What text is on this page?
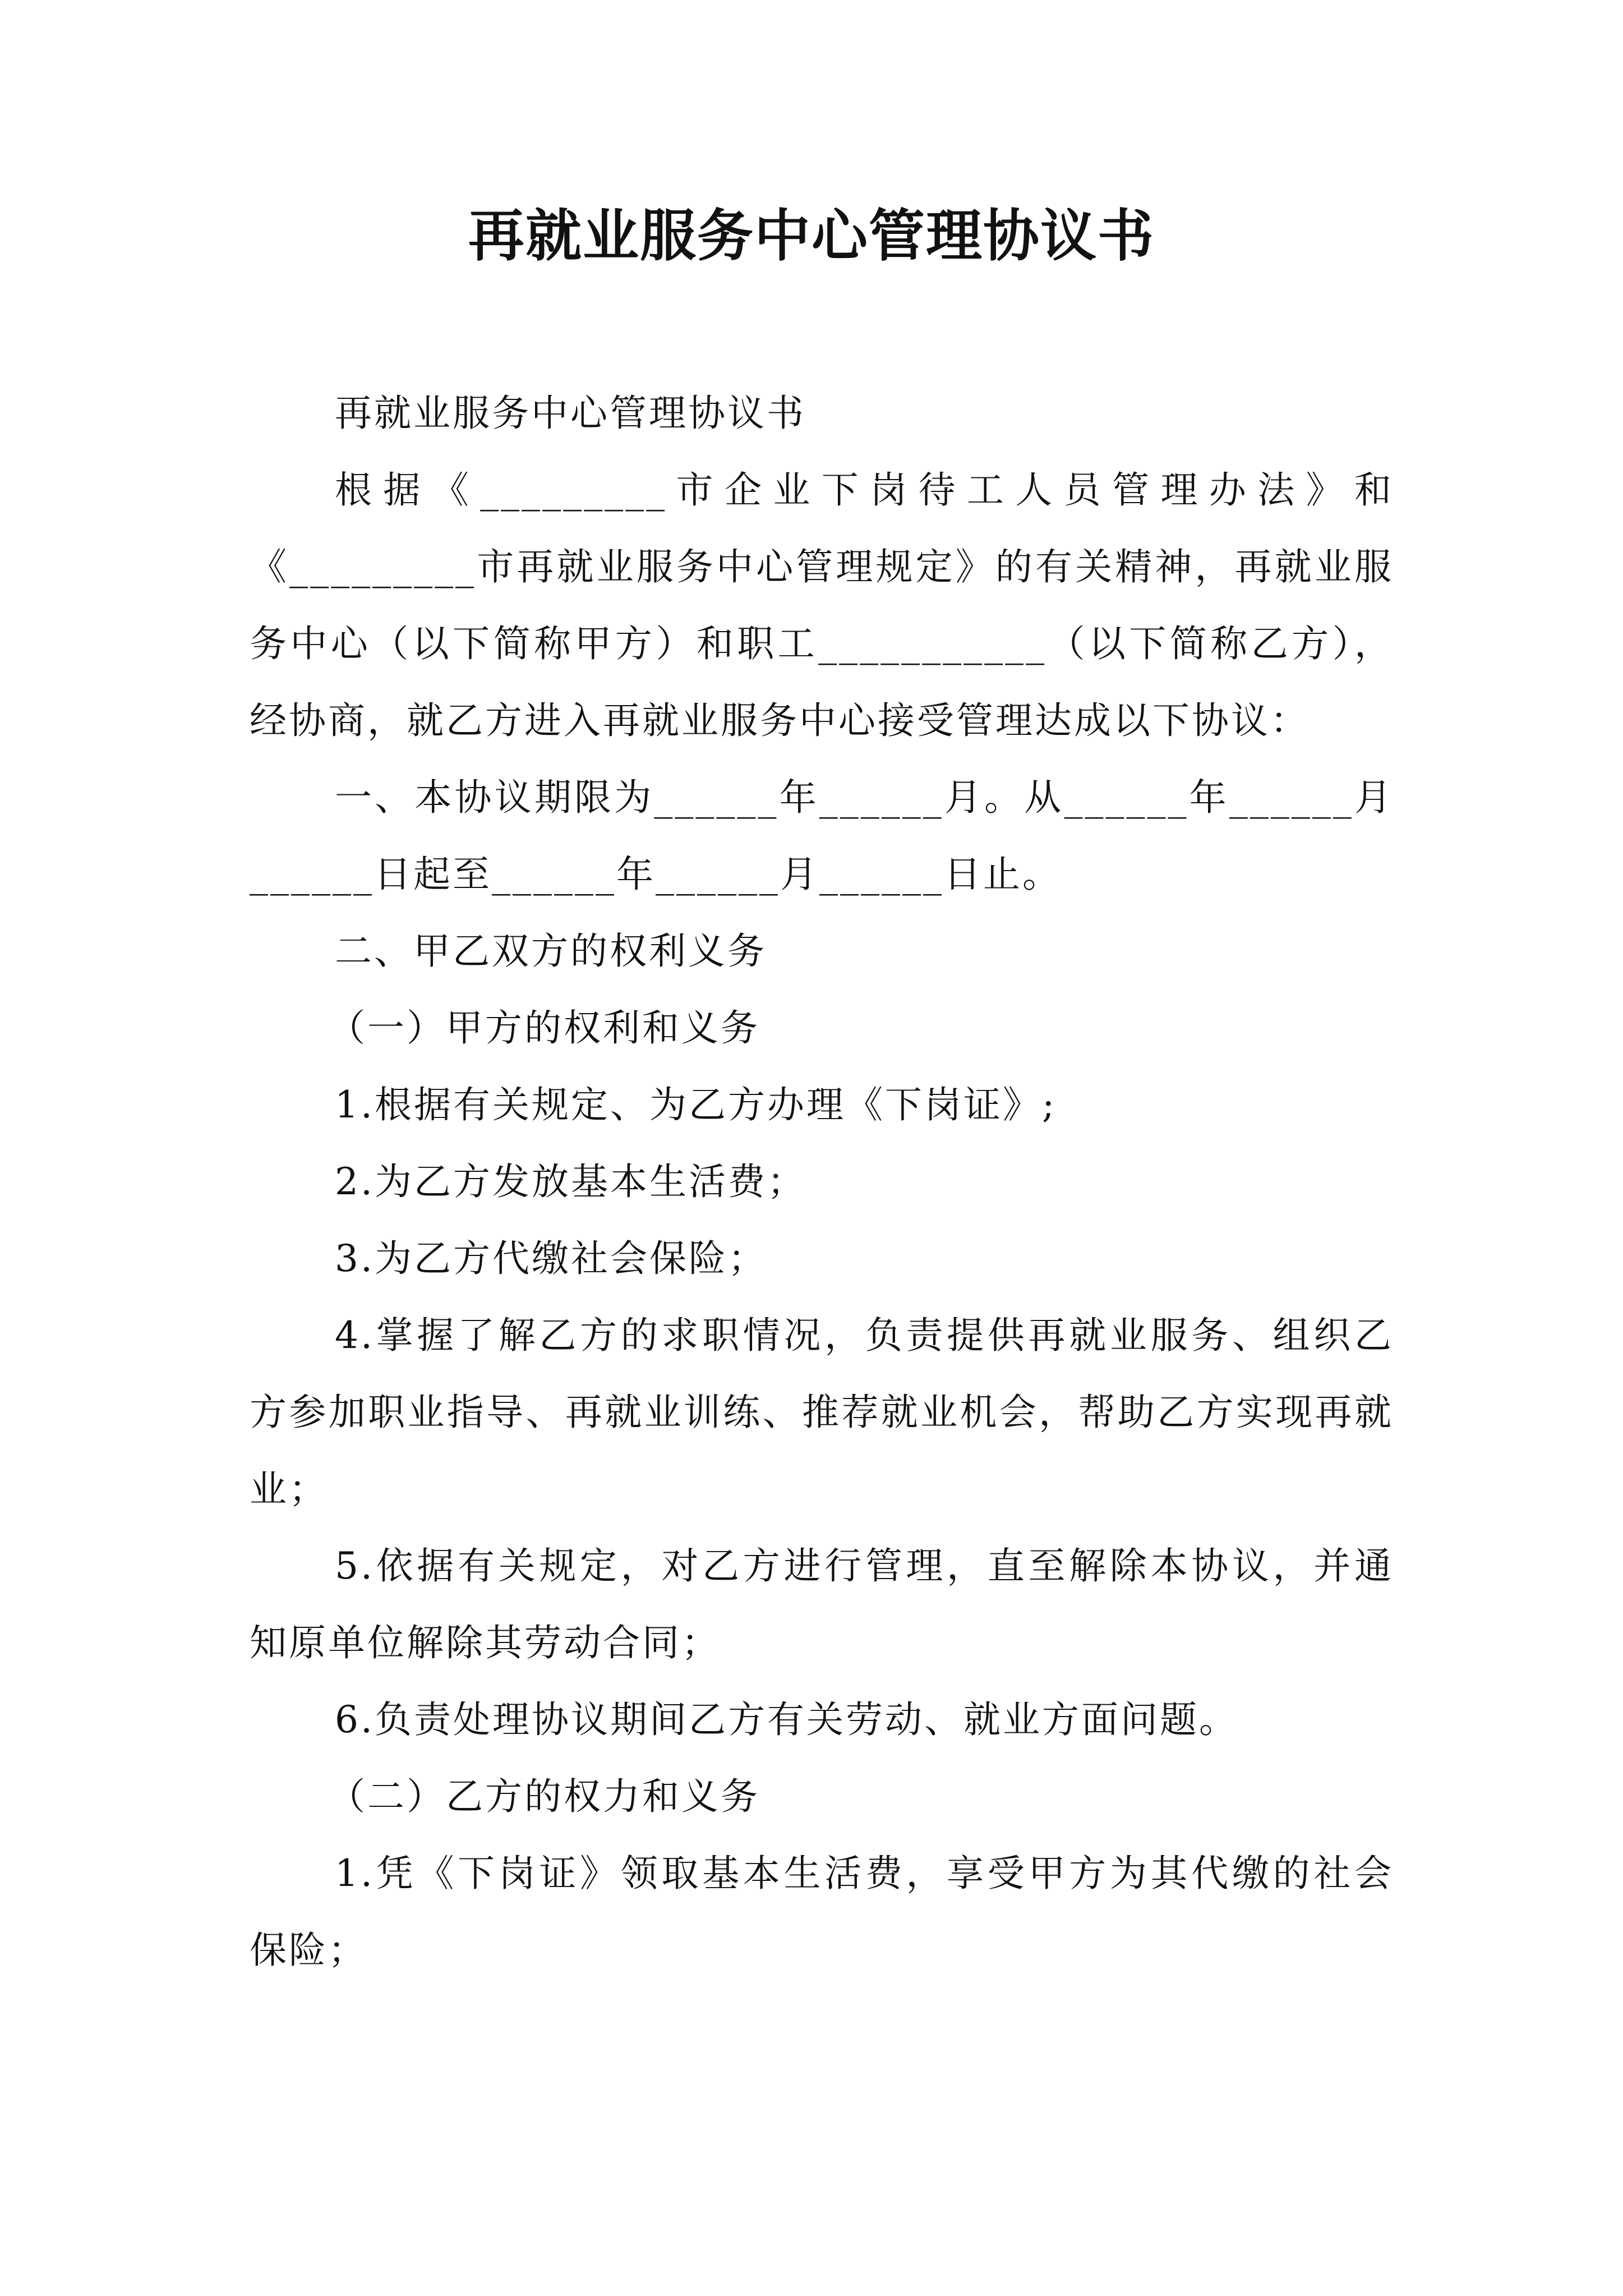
再就业服务中心管理协议书

再就业服务中心管理协议书

根据《_________市企业下岗待工人员管理办法》和《_________市再就业服务中心管理规定》的有关精神，再就业服务中心（以下简称甲方）和职工___________（以下简称乙方），经协商，就乙方进入再就业服务中心接受管理达成以下协议：

一、本协议期限为______年______月。从______年______月______日起至______年______月______日止。

二、甲乙双方的权利义务

（一）甲方的权利和义务

1.根据有关规定、为乙方办理《下岗证》;

2.为乙方发放基本生活费；

3.为乙方代缴社会保险；

4.掌握了解乙方的求职情况，负责提供再就业服务、组织乙方参加职业指导、再就业训练、推荐就业机会，帮助乙方实现再就业；

5.依据有关规定，对乙方进行管理，直至解除本协议，并通知原单位解除其劳动合同；

6.负责处理协议期间乙方有关劳动、就业方面问题。

（二）乙方的权力和义务

1.凭《下岗证》领取基本生活费，享受甲方为其代缴的社会保险；
